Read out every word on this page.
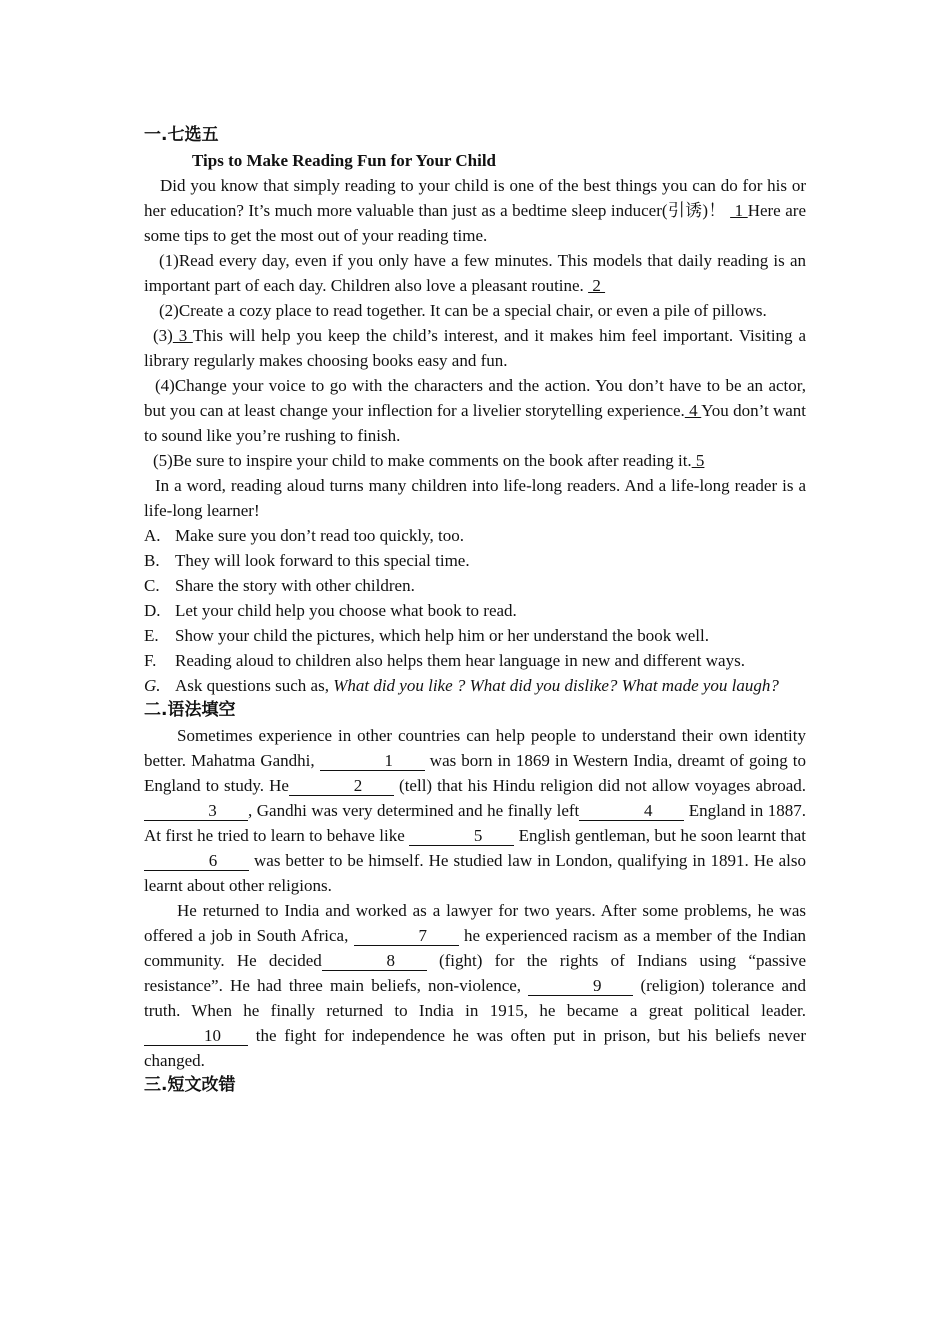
一.七选五
Tips to Make Reading Fun for Your Child

Did you know that simply reading to your child is one of the best things you can do for his or her education? It’s much more valuable than just as a bedtime sleep inducer(引诱)！  1 Here are some tips to get the most out of your reading time.

(1)Read every day, even if you only have a few minutes. This models that daily reading is an important part of each day. Children also love a pleasant routine.  2

(2)Create a cozy place to read together. It can be a special chair, or even a pile of pillows.

(3) 3 This will help you keep the child’s interest, and it makes him feel important. Visiting a library regularly makes choosing books easy and fun.

(4)Change your voice to go with the characters and the action. You don’t have to be an actor, but you can at least change your inflection for a livelier storytelling experience. 4 You don’t want to sound like you’re rushing to finish.

(5)Be sure to inspire your child to make comments on the book after reading it. 5

In a word, reading aloud turns many children into life-long readers. And a life-long reader is a life-long learner!

A. Make sure you don’t read too quickly, too.
B. They will look forward to this special time.
C. Share the story with other children.
D. Let your child help you choose what book to read.
E. Show your child the pictures, which help him or her understand the book well.
F.	Reading aloud to children also helps them hear language in new and different ways.
G. Ask questions such as, What did you like ? What did you dislike? What made you laugh?
二.语法填空

Sometimes experience in other countries can help people to understand their own identity better. Mahatma Gandhi,	1 was born in 1869 in Western India, dreamt of going to England to study. He	2 (tell) that his Hindu religion did not allow voyages abroad. 3 , Gandhi was very determined and he finally left	4 England in 1887. At first he tried to learn to behave like	5 English gentleman, but he soon learnt that 6 was better to be himself. He studied law in London, qualifying in 1891. He also learnt about other religions.

He returned to India and worked as a lawyer for two years. After some problems, he was offered a job in South Africa,	7 he experienced racism as a member of the Indian community. He decided	8 (fight) for the rights of Indians using “passive resistance”. He had three main beliefs, non-violence,	9 (religion) tolerance and truth. When he finally returned to India in 1915, he became a great political leader. 10 the fight for independence he was often put in prison, but his beliefs never changed.

三.短文改错
